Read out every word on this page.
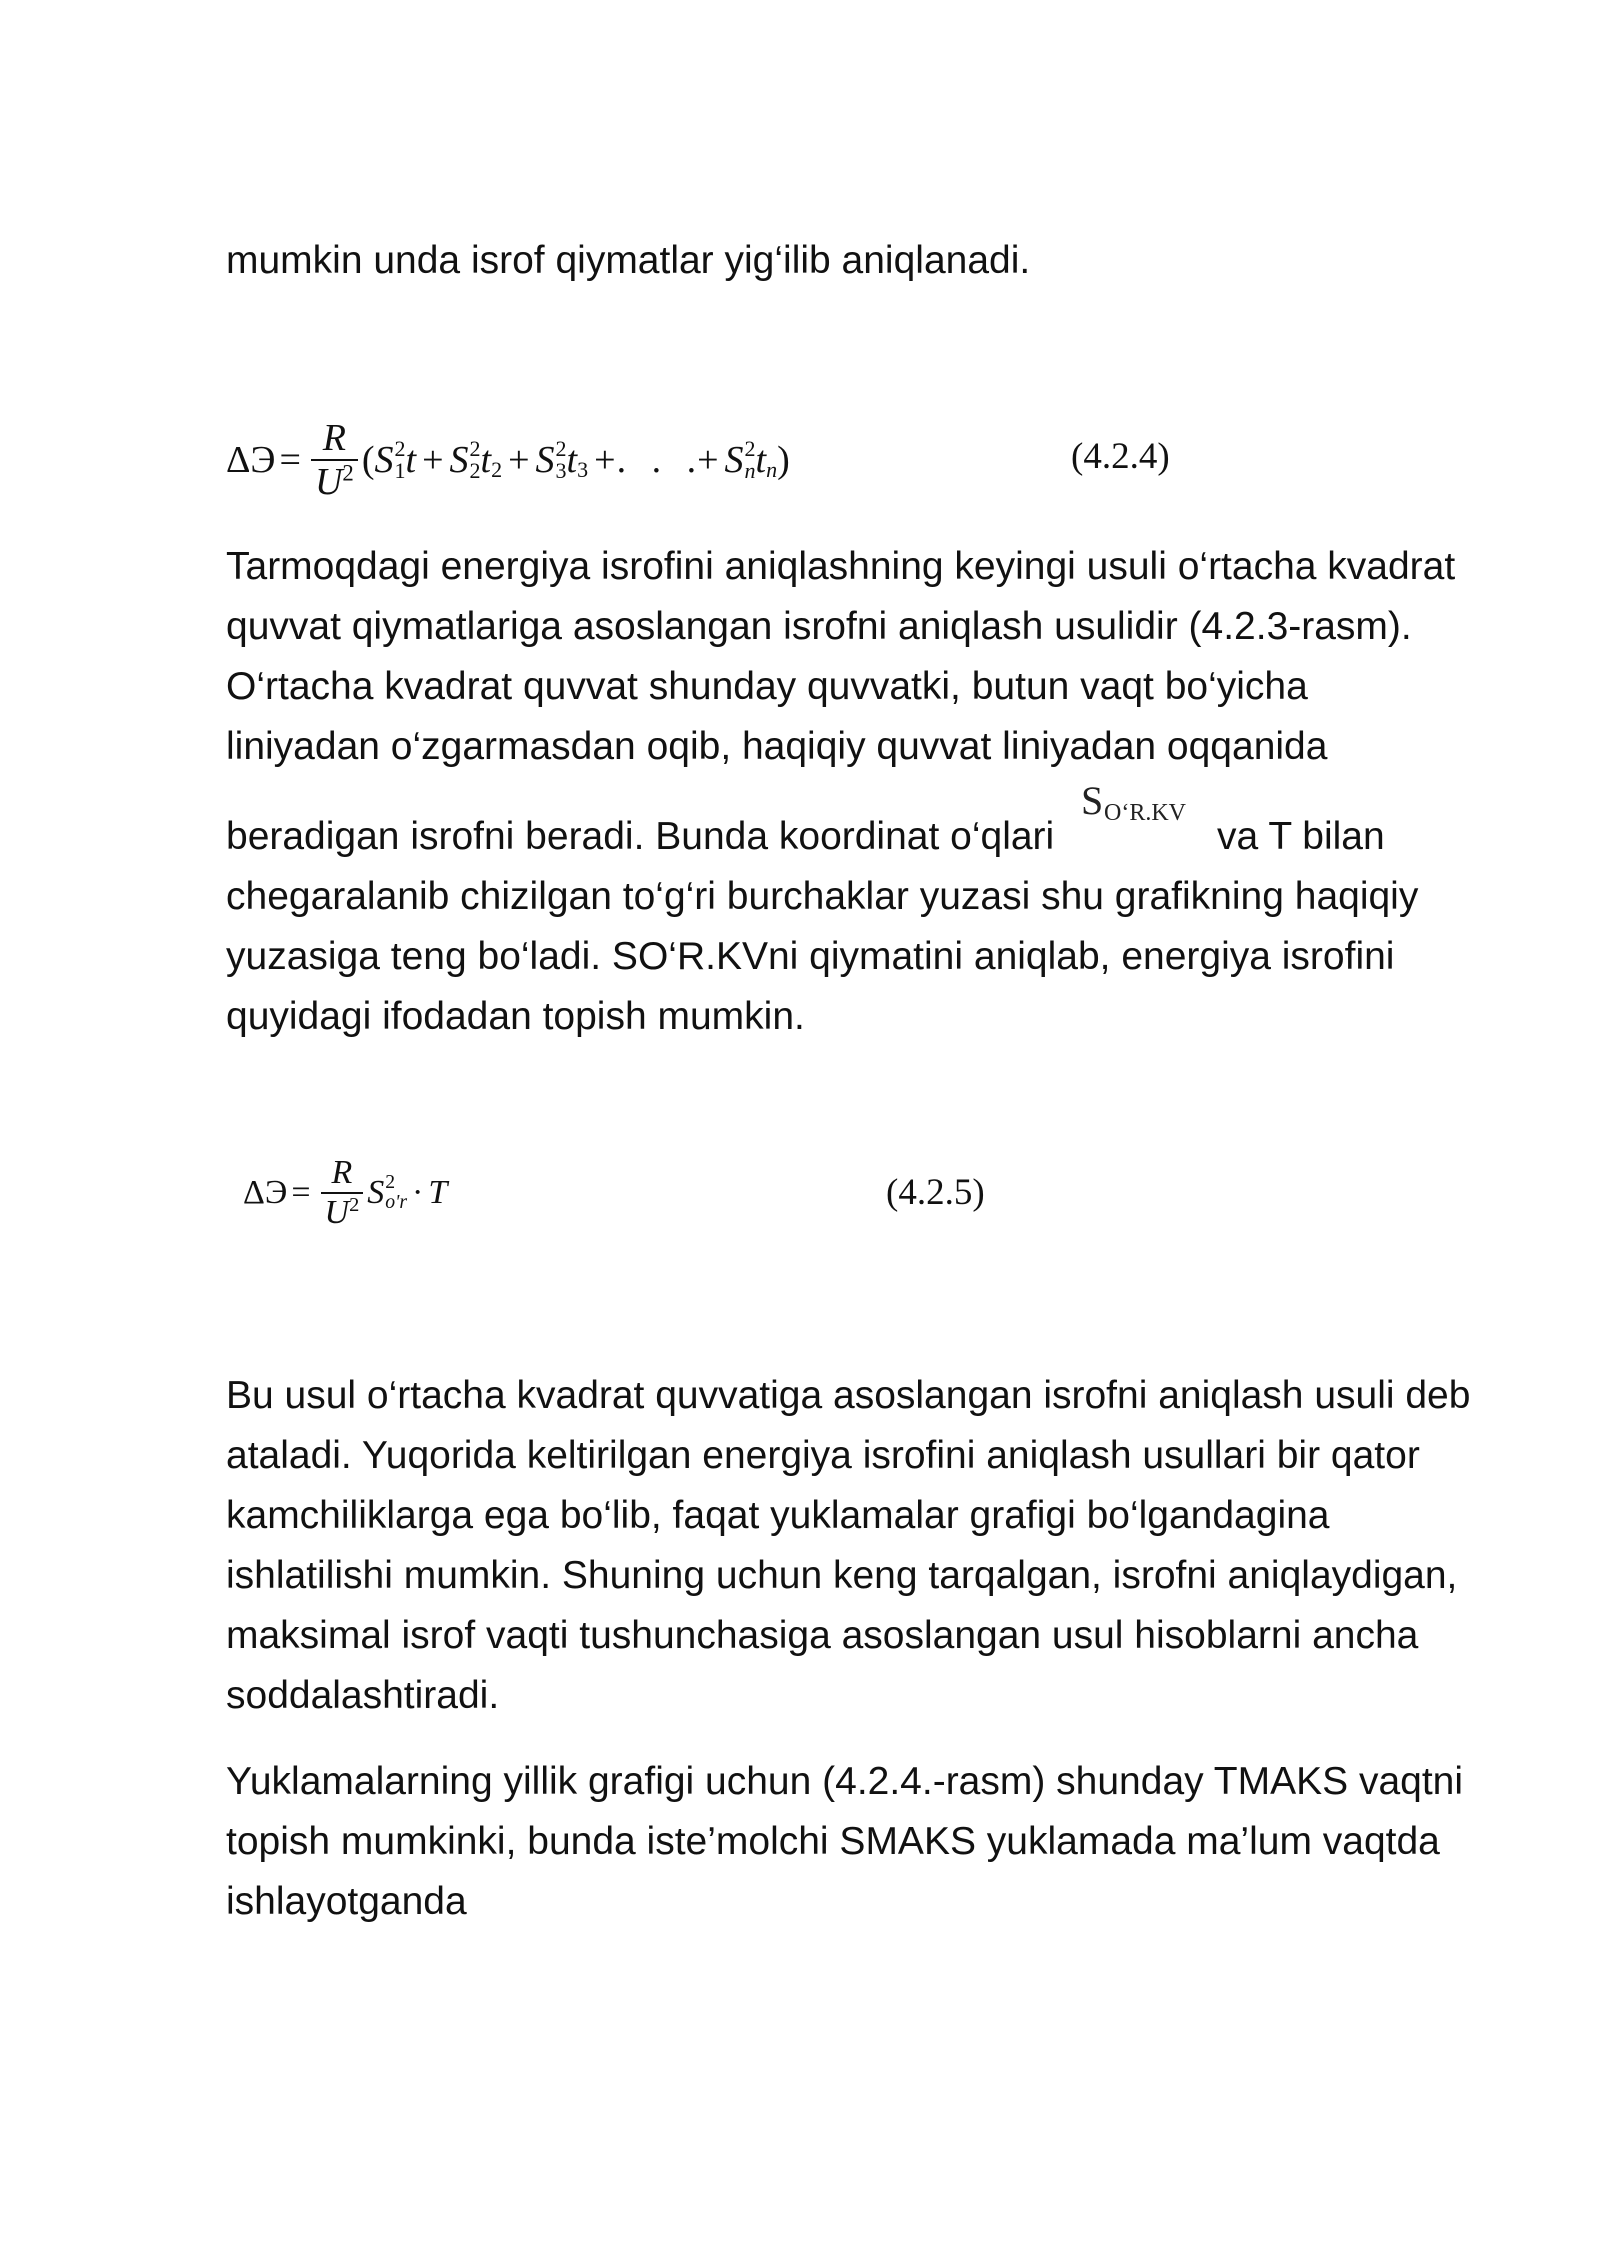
mumkin unda isrof qiymatlar yig‘ilib aniqlanadi.
$\Delta Э = \frac{R}{U^2}$ ( S 2
1 t + S 2
2 t 2 + S 2
3 t 3 + . . . + S 2
n t n )	(4.2.4)
Tarmoqdagi energiya isrofini aniqlashning keyingi usuli o‘rtacha kvadrat
quvvat qiymatlariga asoslangan isrofni aniqlash usulidir (4.2.3-rasm).
O‘rtacha kvadrat quvvat shunday quvvatki, butun vaqt bo‘yicha
liniyadan o‘zgarmasdan oqib, haqiqiy quvvat liniyadan oqqanida
beradigan isrofni beradi. Bunda koordinat o‘qlari	va T bilan
S O‘R.KV
chegaralanib chizilgan to‘g‘ri burchaklar yuzasi shu grafikning haqiqiy
yuzasiga teng bo‘ladi. SO‘R.KVni qiymatini aniqlab, energiya isrofini
quyidagi ifodadan topish mumkin.
$\Delta Э = \frac{R}{U^2}$ S 2
o'r · T	(4.2.5)
Bu usul o‘rtacha kvadrat quvvatiga asoslangan isrofni aniqlash usuli deb
ataladi. Yuqorida keltirilgan energiya isrofini aniqlash usullari bir qator
kamchiliklarga ega bo‘lib, faqat yuklamalar grafigi bo‘lgandagina
ishlatilishi mumkin. Shuning uchun keng tarqalgan, isrofni aniqlaydigan,
maksimal isrof vaqti tushunchasiga asoslangan usul hisoblarni ancha
soddalashtiradi.
Yuklamalarning yillik grafigi uchun (4.2.4.-rasm) shunday TMAKS vaqtni
topish mumkinki, bunda iste’molchi SMAKS yuklamada ma’lum vaqtda
ishlayotganda
